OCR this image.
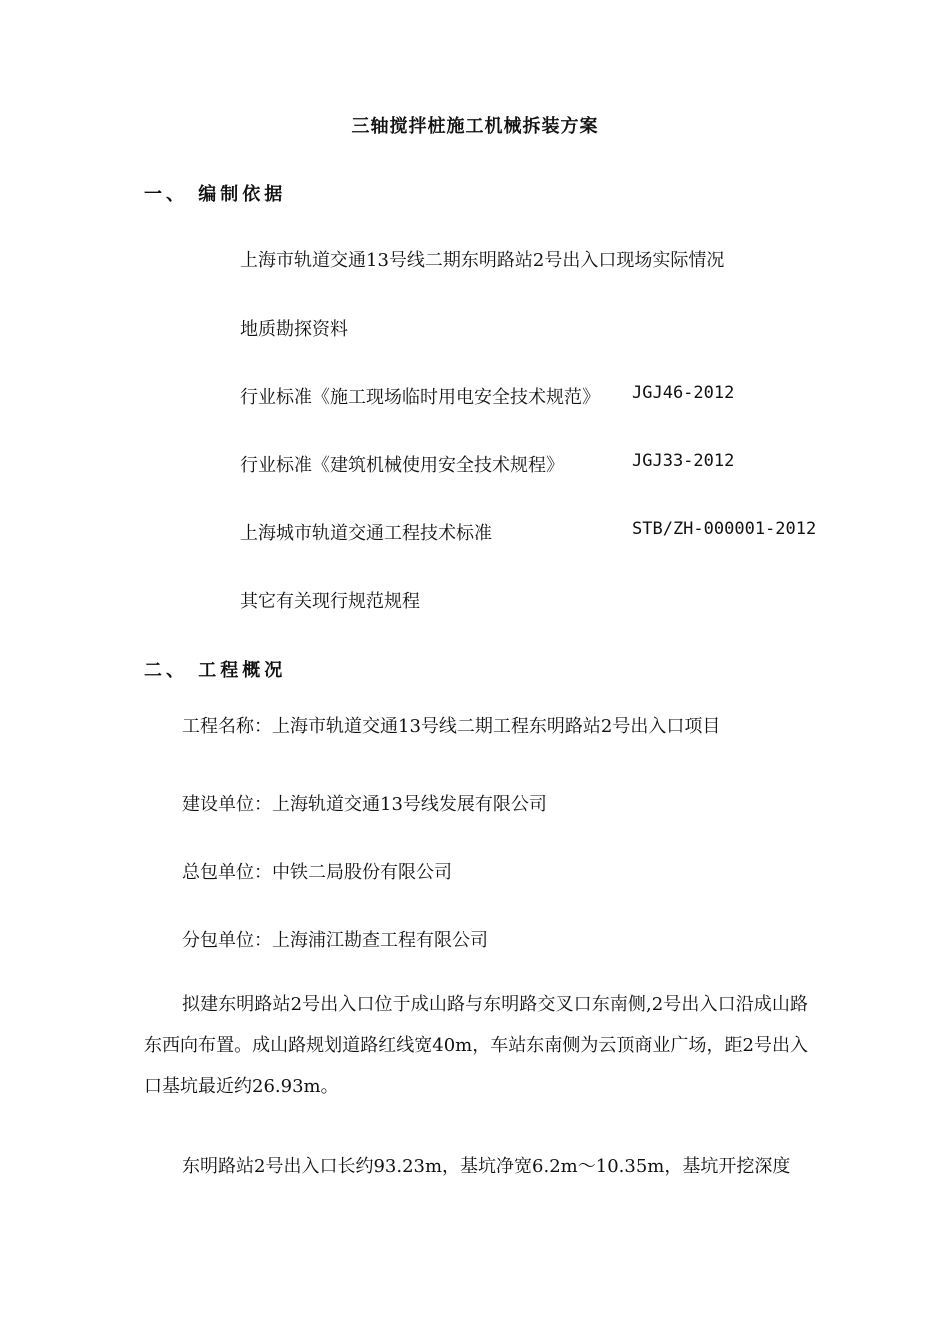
三轴搅拌桩施工机械拆装方案
一、 编制依据
上海市轨道交通13号线二期东明路站2号出入口现场实际情况
地质勘探资料
行业标准《施工现场临时用电安全技术规范》 JGJ46-2012
行业标准《建筑机械使用安全技术规程》	JGJ33-2012
上海城市轨道交通工程技术标准	STB/ZH-000001-2012
其它有关现行规范规程
二、 工程概况
工程名称：上海市轨道交通13号线二期工程东明路站2号出入口项目
建设单位：上海轨道交通13号线发展有限公司
总包单位：中铁二局股份有限公司
分包单位：上海浦江勘查工程有限公司
拟建东明路站2号出入口位于成山路与东明路交叉口东南侧,2号出入口沿成山路东西向布置。成山路规划道路红线宽40m，车站东南侧为云顶商业广场，距2号出入口基坑最近约26.93m。
东明路站2号出入口长约93.23m，基坑净宽6.2m～10.35m，基坑开挖深度
